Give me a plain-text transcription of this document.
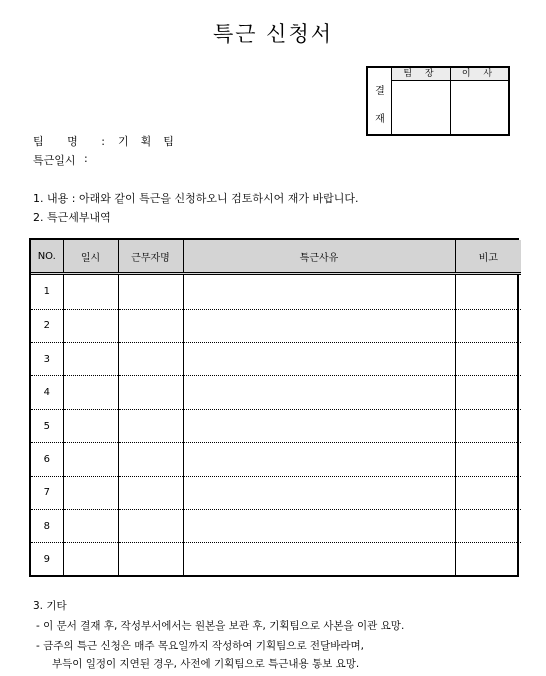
특근 신청서
결
재
팀 장	이 사
팀 명 : 기획팀
특근일시 :
1. 내용 : 아래와 같이 특근을 신청하오니 검토하시어 재가 바랍니다.
2. 특근세부내역
NO.	일시	근무자명	특근사유	비고
1				
2				
3				
4				
5				
6				
7				
8				
9				
3. 기타
- 이 문서 결재 후, 작성부서에서는 원본을 보관 후, 기획팀으로 사본을 이관 요망.
- 금주의 특근 신청은 매주 목요일까지 작성하여 기획팀으로 전달바라며,
부득이 일정이 지연된 경우, 사전에 기획팀으로 특근내용 통보 요망.
